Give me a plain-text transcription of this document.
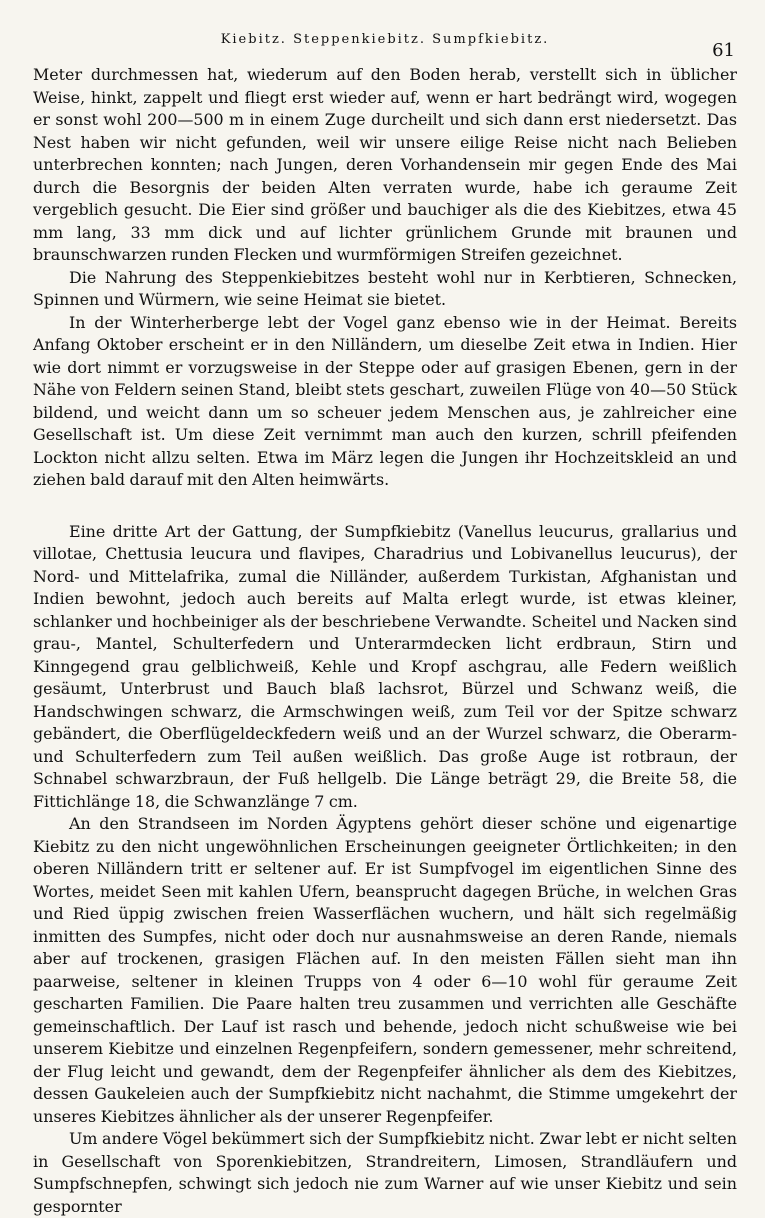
Kiebitz. Steppenkiebitz. Sumpfkiebitz.
61

Meter durchmessen hat, wiederum auf den Boden herab, verstellt sich in üblicher Weise, hinkt, zappelt und fliegt erst wieder auf, wenn er hart bedrängt wird, wogegen er sonst wohl 200—500 m in einem Zuge durcheilt und sich dann erst niedersetzt. Das Nest haben wir nicht gefunden, weil wir unsere eilige Reise nicht nach Belieben unterbrechen konnten; nach Jungen, deren Vorhandensein mir gegen Ende des Mai durch die Besorgnis der beiden Alten verraten wurde, habe ich geraume Zeit vergeblich gesucht. Die Eier sind größer und bauchiger als die des Kiebitzes, etwa 45 mm lang, 33 mm dick und auf lichter grünlichem Grunde mit braunen und braunschwarzen runden Flecken und wurmförmigen Streifen gezeichnet.

Die Nahrung des Steppenkiebitzes besteht wohl nur in Kerbtieren, Schnecken, Spinnen und Würmern, wie seine Heimat sie bietet.

In der Winterherberge lebt der Vogel ganz ebenso wie in der Heimat. Bereits Anfang Oktober erscheint er in den Nilländern, um dieselbe Zeit etwa in Indien. Hier wie dort nimmt er vorzugsweise in der Steppe oder auf grasigen Ebenen, gern in der Nähe von Feldern seinen Stand, bleibt stets geschart, zuweilen Flüge von 40—50 Stück bildend, und weicht dann um so scheuer jedem Menschen aus, je zahlreicher eine Gesellschaft ist. Um diese Zeit vernimmt man auch den kurzen, schrill pfeifenden Lockton nicht allzu selten. Etwa im März legen die Jungen ihr Hochzeitskleid an und ziehen bald darauf mit den Alten heimwärts.

Eine dritte Art der Gattung, der Sumpfkiebitz (Vanellus leucurus, grallarius und villotae, Chettusia leucura und flavipes, Charadrius und Lobivanellus leucurus), der Nord- und Mittelafrika, zumal die Nilländer, außerdem Turkistan, Afghanistan und Indien bewohnt, jedoch auch bereits auf Malta erlegt wurde, ist etwas kleiner, schlanker und hochbeiniger als der beschriebene Verwandte. Scheitel und Nacken sind grau-, Mantel, Schulterfedern und Unterarmdecken licht erdbraun, Stirn und Kinngegend grau gelblichweiß, Kehle und Kropf aschgrau, alle Federn weißlich gesäumt, Unterbrust und Bauch blaß lachsrot, Bürzel und Schwanz weiß, die Handschwingen schwarz, die Armschwingen weiß, zum Teil vor der Spitze schwarz gebändert, die Oberflügeldeckfedern weiß und an der Wurzel schwarz, die Oberarm- und Schulterfedern zum Teil außen weißlich. Das große Auge ist rotbraun, der Schnabel schwarzbraun, der Fuß hellgelb. Die Länge beträgt 29, die Breite 58, die Fittichlänge 18, die Schwanzlänge 7 cm.

An den Strandseen im Norden Ägyptens gehört dieser schöne und eigenartige Kiebitz zu den nicht ungewöhnlichen Erscheinungen geeigneter Örtlichkeiten; in den oberen Nilländern tritt er seltener auf. Er ist Sumpfvogel im eigentlichen Sinne des Wortes, meidet Seen mit kahlen Ufern, beansprucht dagegen Brüche, in welchen Gras und Ried üppig zwischen freien Wasserflächen wuchern, und hält sich regelmäßig inmitten des Sumpfes, nicht oder doch nur ausnahmsweise an deren Rande, niemals aber auf trockenen, grasigen Flächen auf. In den meisten Fällen sieht man ihn paarweise, seltener in kleinen Trupps von 4 oder 6—10 wohl für geraume Zeit gescharten Familien. Die Paare halten treu zusammen und verrichten alle Geschäfte gemeinschaftlich. Der Lauf ist rasch und behende, jedoch nicht schußweise wie bei unserem Kiebitze und einzelnen Regenpfeifern, sondern gemessener, mehr schreitend, der Flug leicht und gewandt, dem der Regenpfeifer ähnlicher als dem des Kiebitzes, dessen Gaukeleien auch der Sumpfkiebitz nicht nachahmt, die Stimme umgekehrt der unseres Kiebitzes ähnlicher als der unserer Regenpfeifer.

Um andere Vögel bekümmert sich der Sumpfkiebitz nicht. Zwar lebt er nicht selten in Gesellschaft von Sporenkiebitzen, Strandreitern, Limosen, Strandläufern und Sumpfschnepfen, schwingt sich jedoch nie zum Warner auf wie unser Kiebitz und sein gespornter
